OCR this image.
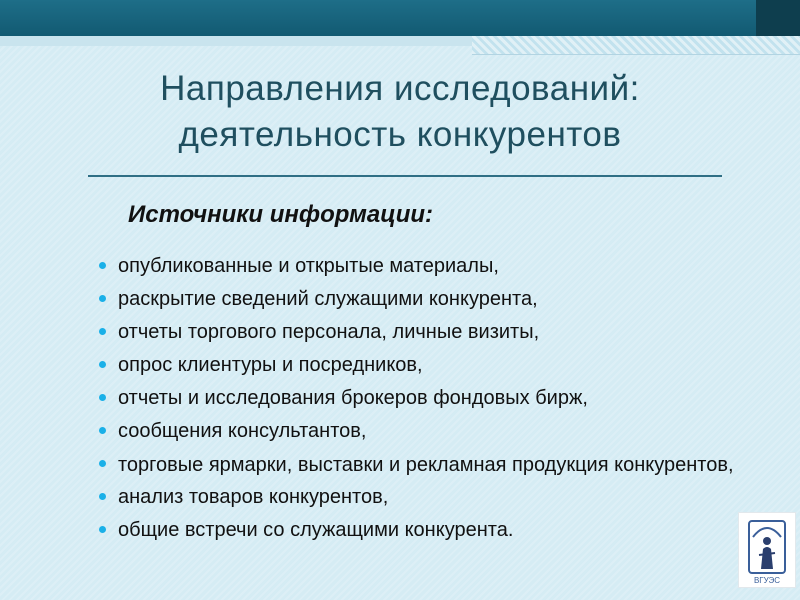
Направления исследований:
деятельность конкурентов
Источники информации:
опубликованные и открытые материалы,
раскрытие сведений служащими конкурента,
отчеты торгового персонала, личные визиты,
опрос клиентуры и посредников,
отчеты и исследования брокеров фондовых бирж,
сообщения консультантов,
торговые ярмарки, выставки и рекламная продукция конкурентов,
анализ товаров конкурентов,
общие встречи со служащими конкурента.
ВГУЭС
